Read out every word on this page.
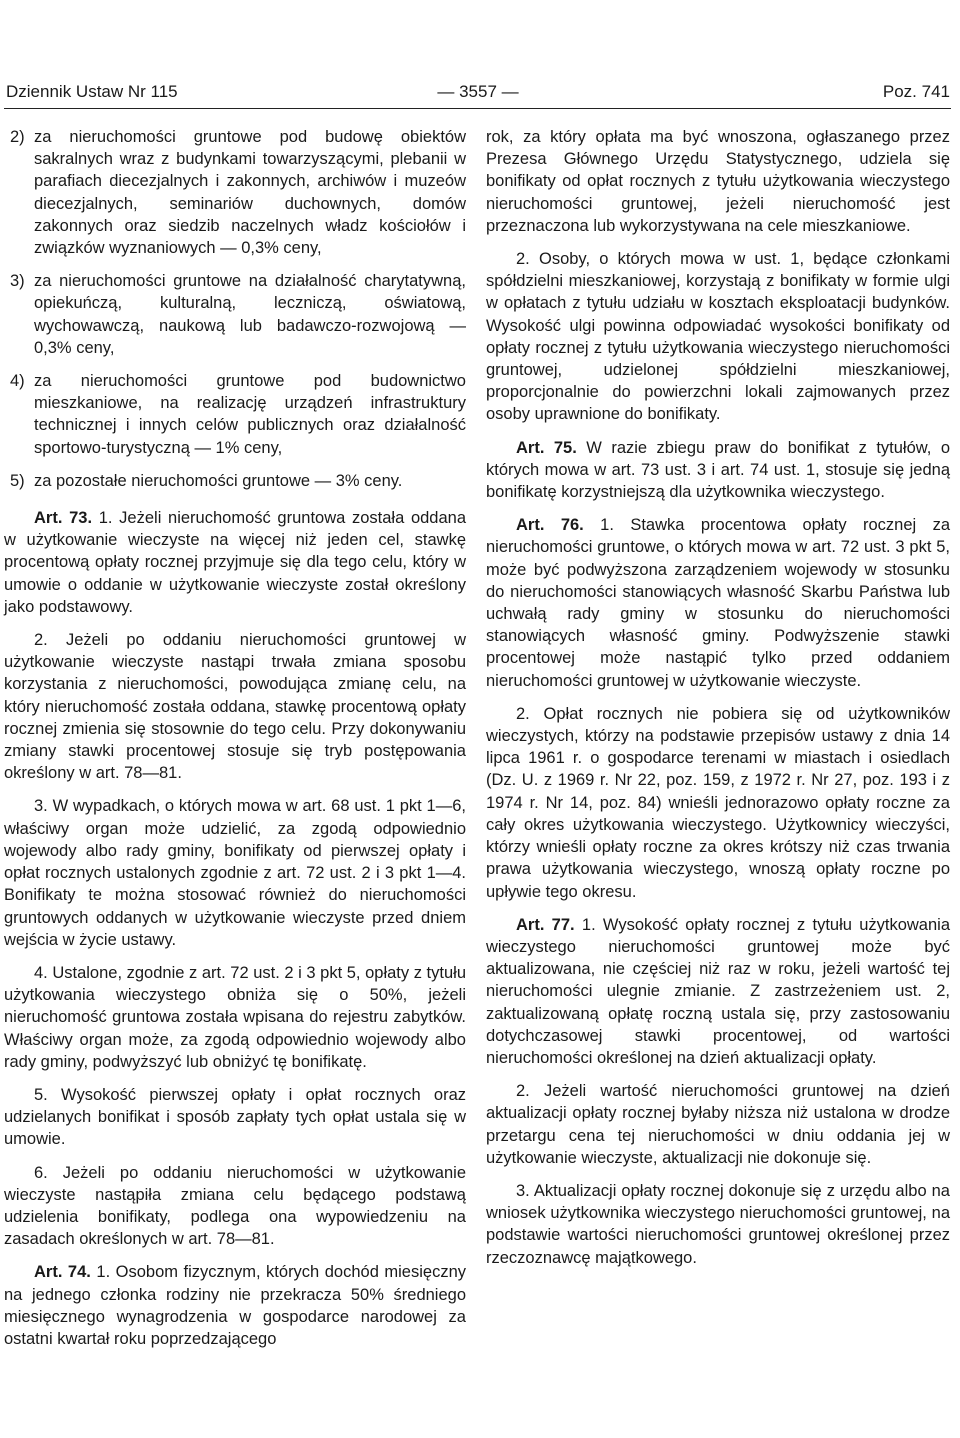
Dziennik Ustaw Nr 115	— 3557 —	Poz. 741

2) za nieruchomości gruntowe pod budowę obiektów sakralnych wraz z budynkami towarzyszącymi, plebanii w parafiach diecezjalnych i zakonnych, archiwów i muzeów diecezjalnych, seminariów duchownych, domów zakonnych oraz siedzib naczelnych władz kościołów i związków wyznaniowych — 0,3% ceny,

3) za nieruchomości gruntowe na działalność charytatywną, opiekuńczą, kulturalną, leczniczą, oświatową, wychowawczą, naukową lub badawczo-rozwojową — 0,3% ceny,

4) za nieruchomości gruntowe pod budownictwo mieszkaniowe, na realizację urządzeń infrastruktury technicznej i innych celów publicznych oraz działalność sportowo-turystyczną — 1% ceny,

5) za pozostałe nieruchomości gruntowe — 3% ceny.

Art. 73. 1. Jeżeli nieruchomość gruntowa została oddana w użytkowanie wieczyste na więcej niż jeden cel, stawkę procentową opłaty rocznej przyjmuje się dla tego celu, który w umowie o oddanie w użytkowanie wieczyste został określony jako podstawowy.

2. Jeżeli po oddaniu nieruchomości gruntowej w użytkowanie wieczyste nastąpi trwała zmiana sposobu korzystania z nieruchomości, powodująca zmianę celu, na który nieruchomość została oddana, stawkę procentową opłaty rocznej zmienia się stosownie do tego celu. Przy dokonywaniu zmiany stawki procentowej stosuje się tryb postępowania określony w art. 78—81.

3. W wypadkach, o których mowa w art. 68 ust. 1 pkt 1—6, właściwy organ może udzielić, za zgodą odpowiednio wojewody albo rady gminy, bonifikaty od pierwszej opłaty i opłat rocznych ustalonych zgodnie z art. 72 ust. 2 i 3 pkt 1—4. Bonifikaty te można stosować również do nieruchomości gruntowych oddanych w użytkowanie wieczyste przed dniem wejścia w życie ustawy.

4. Ustalone, zgodnie z art. 72 ust. 2 i 3 pkt 5, opłaty z tytułu użytkowania wieczystego obniża się o 50%, jeżeli nieruchomość gruntowa została wpisana do rejestru zabytków. Właściwy organ może, za zgodą odpowiednio wojewody albo rady gminy, podwyższyć lub obniżyć tę bonifikatę.

5. Wysokość pierwszej opłaty i opłat rocznych oraz udzielanych bonifikat i sposób zapłaty tych opłat ustala się w umowie.

6. Jeżeli po oddaniu nieruchomości w użytkowanie wieczyste nastąpiła zmiana celu będącego podstawą udzielenia bonifikaty, podlega ona wypowiedzeniu na zasadach określonych w art. 78—81.

Art. 74. 1. Osobom fizycznym, których dochód miesięczny na jednego członka rodziny nie przekracza 50% średniego miesięcznego wynagrodzenia w gospodarce narodowej za ostatni kwartał roku poprzedzającego

rok, za który opłata ma być wnoszona, ogłaszanego przez Prezesa Głównego Urzędu Statystycznego, udziela się bonifikaty od opłat rocznych z tytułu użytkowania wieczystego nieruchomości gruntowej, jeżeli nieruchomość jest przeznaczona lub wykorzystywana na cele mieszkaniowe.

2. Osoby, o których mowa w ust. 1, będące członkami spółdzielni mieszkaniowej, korzystają z bonifikaty w formie ulgi w opłatach z tytułu udziału w kosztach eksploatacji budynków. Wysokość ulgi powinna odpowiadać wysokości bonifikaty od opłaty rocznej z tytułu użytkowania wieczystego nieruchomości gruntowej, udzielonej spółdzielni mieszkaniowej, proporcjonalnie do powierzchni lokali zajmowanych przez osoby uprawnione do bonifikaty.

Art. 75. W razie zbiegu praw do bonifikat z tytułów, o których mowa w art. 73 ust. 3 i art. 74 ust. 1, stosuje się jedną bonifikatę korzystniejszą dla użytkownika wieczystego.

Art. 76. 1. Stawka procentowa opłaty rocznej za nieruchomości gruntowe, o których mowa w art. 72 ust. 3 pkt 5, może być podwyższona zarządzeniem wojewody w stosunku do nieruchomości stanowiących własność Skarbu Państwa lub uchwałą rady gminy w stosunku do nieruchomości stanowiących własność gminy. Podwyższenie stawki procentowej może nastąpić tylko przed oddaniem nieruchomości gruntowej w użytkowanie wieczyste.

2. Opłat rocznych nie pobiera się od użytkowników wieczystych, którzy na podstawie przepisów ustawy z dnia 14 lipca 1961 r. o gospodarce terenami w miastach i osiedlach (Dz. U. z 1969 r. Nr 22, poz. 159, z 1972 r. Nr 27, poz. 193 i z 1974 r. Nr 14, poz. 84) wnieśli jednorazowo opłaty roczne za cały okres użytkowania wieczystego. Użytkownicy wieczyści, którzy wnieśli opłaty roczne za okres krótszy niż czas trwania prawa użytkowania wieczystego, wnoszą opłaty roczne po upływie tego okresu.

Art. 77. 1. Wysokość opłaty rocznej z tytułu użytkowania wieczystego nieruchomości gruntowej może być aktualizowana, nie częściej niż raz w roku, jeżeli wartość tej nieruchomości ulegnie zmianie. Z zastrzeżeniem ust. 2, zaktualizowaną opłatę roczną ustala się, przy zastosowaniu dotychczasowej stawki procentowej, od wartości nieruchomości określonej na dzień aktualizacji opłaty.

2. Jeżeli wartość nieruchomości gruntowej na dzień aktualizacji opłaty rocznej byłaby niższa niż ustalona w drodze przetargu cena tej nieruchomości w dniu oddania jej w użytkowanie wieczyste, aktualizacji nie dokonuje się.

3. Aktualizacji opłaty rocznej dokonuje się z urzędu albo na wniosek użytkownika wieczystego nieruchomości gruntowej, na podstawie wartości nieruchomości gruntowej określonej przez rzeczoznawcę majątkowego.
